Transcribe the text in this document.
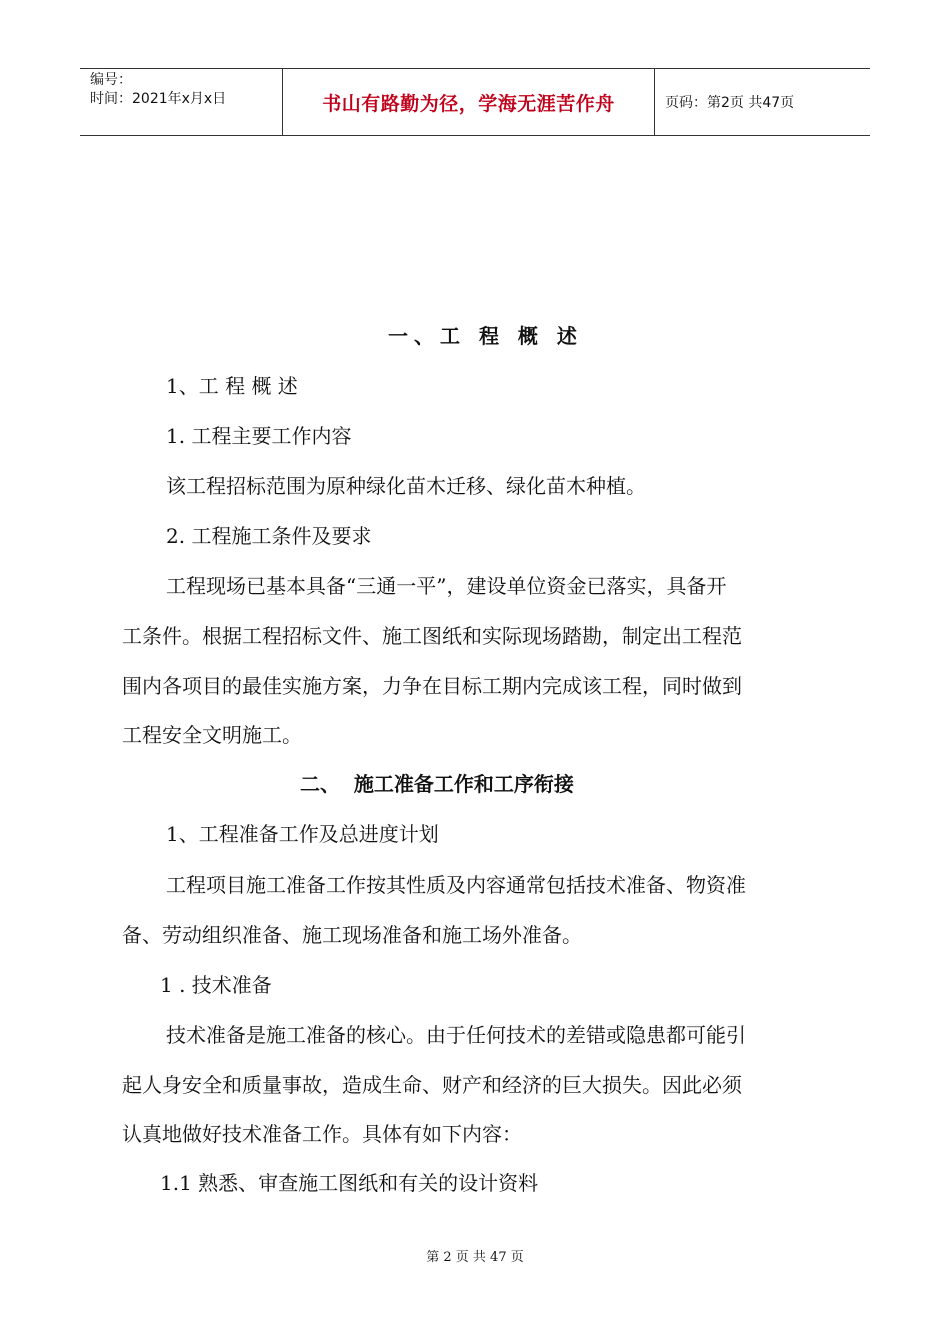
编号：
时间：2021年x月x日	书山有路勤为径，学海无涯苦作舟	页码：第2页 共47页
一、工 程 概 述
1、工 程 概 述
1. 工程主要工作内容
该工程招标范围为原种绿化苗木迁移、绿化苗木种植。
2. 工程施工条件及要求
工程现场已基本具备“三通一平”，建设单位资金已落实，具备开
工条件。根据工程招标文件、施工图纸和实际现场踏勘，制定出工程范
围内各项目的最佳实施方案，力争在目标工期内完成该工程，同时做到
工程安全文明施工。
二、  施工准备工作和工序衔接
1、工程准备工作及总进度计划
工程项目施工准备工作按其性质及内容通常包括技术准备、物资准
备、劳动组织准备、施工现场准备和施工场外准备。
1 . 技术准备
技术准备是施工准备的核心。由于任何技术的差错或隐患都可能引
起人身安全和质量事故，造成生命、财产和经济的巨大损失。因此必须
认真地做好技术准备工作。具体有如下内容：
1.1 熟悉、审查施工图纸和有关的设计资料
第 2 页 共 47 页
